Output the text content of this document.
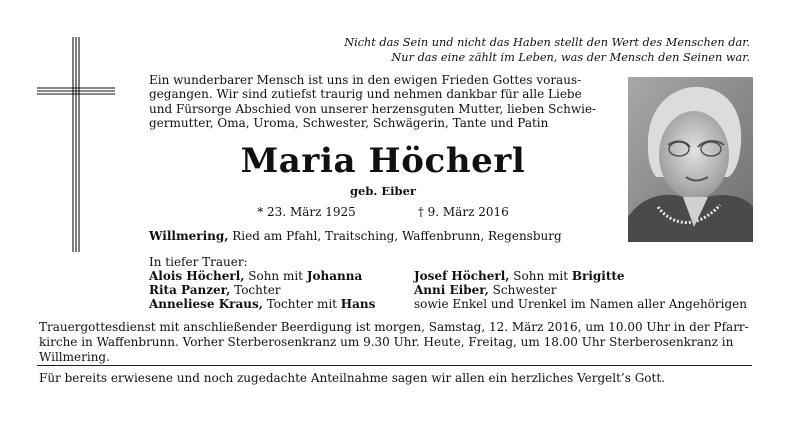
Nicht das Sein und nicht das Haben stellt den Wert des Menschen dar.
Nur das eine zählt im Leben, was der Mensch den Seinen war.
Ein wunderbarer Mensch ist uns in den ewigen Frieden Gottes voraus-
gegangen. Wir sind zutiefst traurig und nehmen dankbar für alle Liebe
und Fürsorge Abschied von unserer herzensguten Mutter, lieben Schwie-
germutter, Oma, Uroma, Schwester, Schwägerin, Tante und Patin
Maria Höcherl
geb. Eiber
* 23. März 1925	† 9. März 2016
Willmering, Ried am Pfahl, Traitsching, Waffenbrunn, Regensburg
In tiefer Trauer:
Alois Höcherl, Sohn mit Johanna
Rita Panzer, Tochter
Anneliese Kraus, Tochter mit Hans
Josef Höcherl, Sohn mit Brigitte
Anni Eiber, Schwester
sowie Enkel und Urenkel im Namen aller Angehörigen
Trauergottesdienst mit anschließender Beerdigung ist morgen, Samstag, 12. März 2016, um 10.00 Uhr in der Pfarr-
kirche in Waffenbrunn. Vorher Sterberosenkranz um 9.30 Uhr. Heute, Freitag, um 18.00 Uhr Sterberosenkranz in
Willmering.
Für bereits erwiesene und noch zugedachte Anteilnahme sagen wir allen ein herzliches Vergelt’s Gott.
